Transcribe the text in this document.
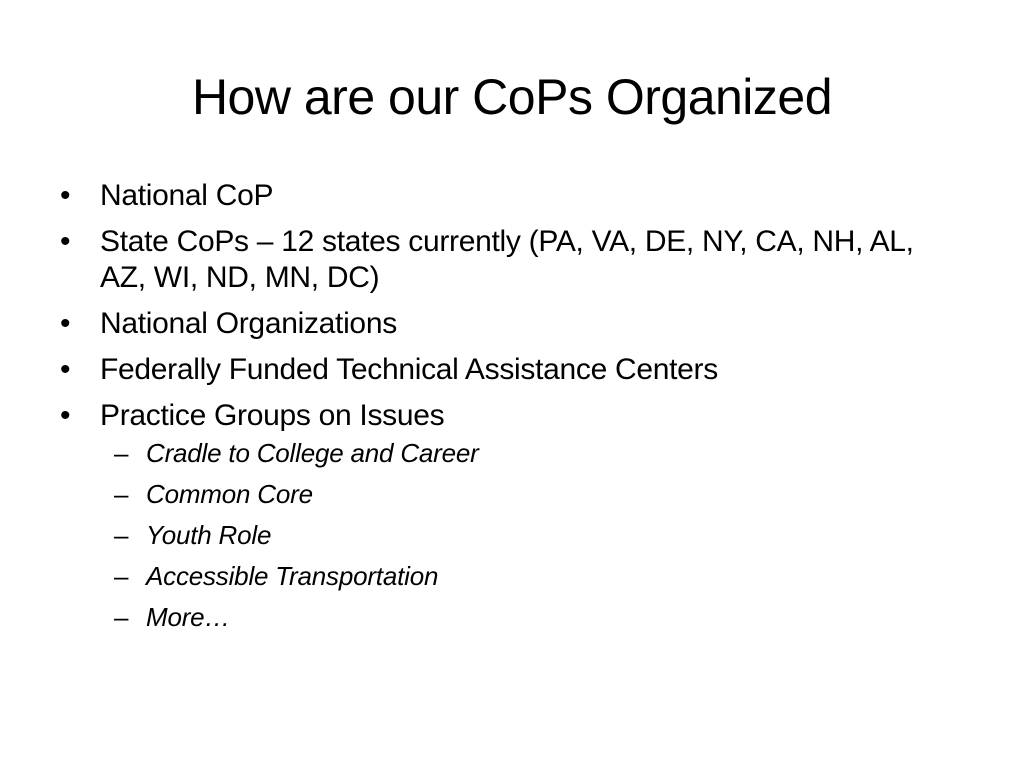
How are our CoPs Organized
• National CoP
• State CoPs – 12 states currently (PA, VA, DE, NY, CA, NH, AL, AZ, WI, ND, MN, DC)
• National Organizations
• Federally Funded Technical Assistance Centers
• Practice Groups on Issues
– Cradle to College and Career
– Common Core
– Youth Role
– Accessible Transportation
– More…
